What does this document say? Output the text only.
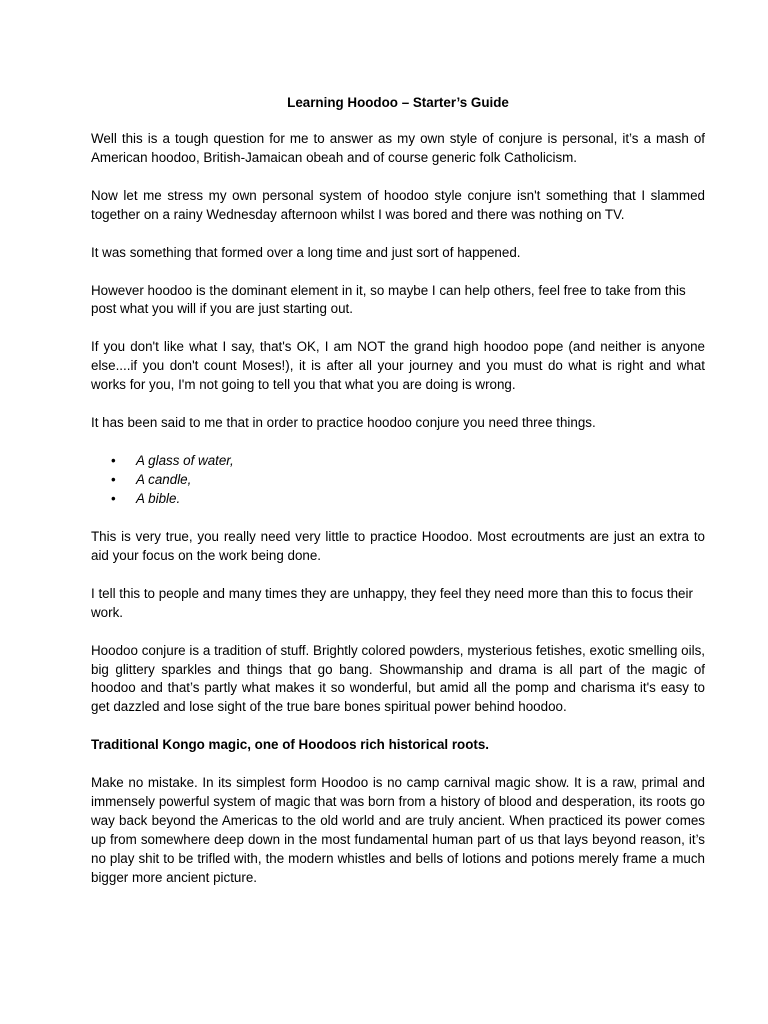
Learning Hoodoo – Starter’s Guide

Well this is a tough question for me to answer as my own style of conjure is personal, it’s a mash of American hoodoo, British-Jamaican obeah and of course generic folk Catholicism.

Now let me stress my own personal system of hoodoo style conjure isn't something that I slammed together on a rainy Wednesday afternoon whilst I was bored and there was nothing on TV.

It was something that formed over a long time and just sort of happened.

However hoodoo is the dominant element in it, so maybe I can help others, feel free to take from this post what you will if you are just starting out.

If you don't like what I say, that's OK, I am NOT the grand high hoodoo pope (and neither is anyone else....if you don't count Moses!), it is after all your journey and you must do what is right and what works for you, I'm not going to tell you that what you are doing is wrong.

It has been said to me that in order to practice hoodoo conjure you need three things.

• A glass of water,
• A candle,
• A bible.

This is very true, you really need very little to practice Hoodoo. Most ecroutments are just an extra to aid your focus on the work being done.

I tell this to people and many times they are unhappy, they feel they need more than this to focus their work.

Hoodoo conjure is a tradition of stuff. Brightly colored powders, mysterious fetishes, exotic smelling oils, big glittery sparkles and things that go bang. Showmanship and drama is all part of the magic of hoodoo and that’s partly what makes it so wonderful, but amid all the pomp and charisma it's easy to get dazzled and lose sight of the true bare bones spiritual power behind hoodoo.

Traditional Kongo magic, one of Hoodoos rich historical roots.

Make no mistake. In its simplest form Hoodoo is no camp carnival magic show. It is a raw, primal and immensely powerful system of magic that was born from a history of blood and desperation, its roots go way back beyond the Americas to the old world and are truly ancient. When practiced its power comes up from somewhere deep down in the most fundamental human part of us that lays beyond reason, it’s no play shit to be trifled with, the modern whistles and bells of lotions and potions merely frame a much bigger more ancient picture.
